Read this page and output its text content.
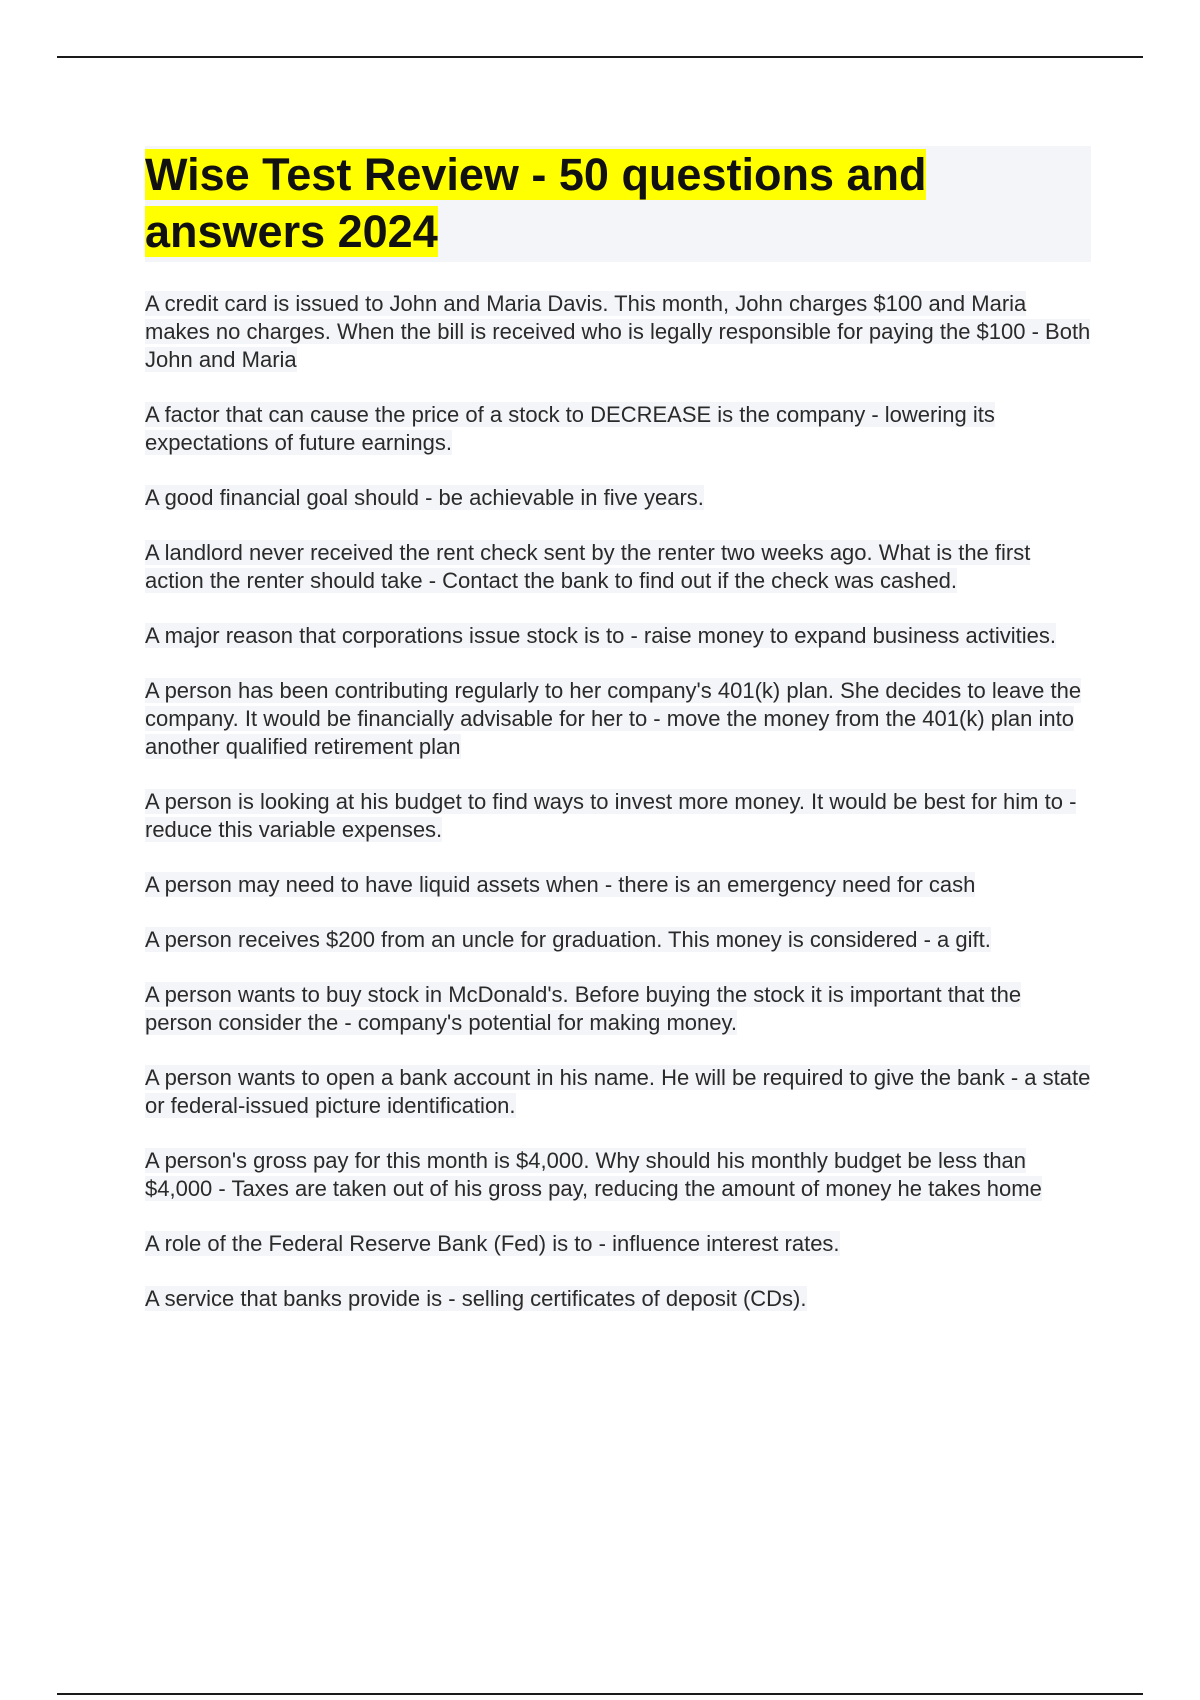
Wise Test Review - 50 questions and answers 2024

A credit card is issued to John and Maria Davis. This month, John charges $100 and Maria makes no charges. When the bill is received who is legally responsible for paying the $100 - Both John and Maria

A factor that can cause the price of a stock to DECREASE is the company - lowering its expectations of future earnings.

A good financial goal should - be achievable in five years.

A landlord never received the rent check sent by the renter two weeks ago. What is the first action the renter should take - Contact the bank to find out if the check was cashed.

A major reason that corporations issue stock is to - raise money to expand business activities.

A person has been contributing regularly to her company's 401(k) plan. She decides to leave the company. It would be financially advisable for her to - move the money from the 401(k) plan into another qualified retirement plan

A person is looking at his budget to find ways to invest more money. It would be best for him to - reduce this variable expenses.

A person may need to have liquid assets when - there is an emergency need for cash

A person receives $200 from an uncle for graduation. This money is considered - a gift.

A person wants to buy stock in McDonald's. Before buying the stock it is important that the person consider the - company's potential for making money.

A person wants to open a bank account in his name. He will be required to give the bank - a state or federal-issued picture identification.

A person's gross pay for this month is $4,000. Why should his monthly budget be less than $4,000 - Taxes are taken out of his gross pay, reducing the amount of money he takes home

A role of the Federal Reserve Bank (Fed) is to - influence interest rates.

A service that banks provide is - selling certificates of deposit (CDs).
